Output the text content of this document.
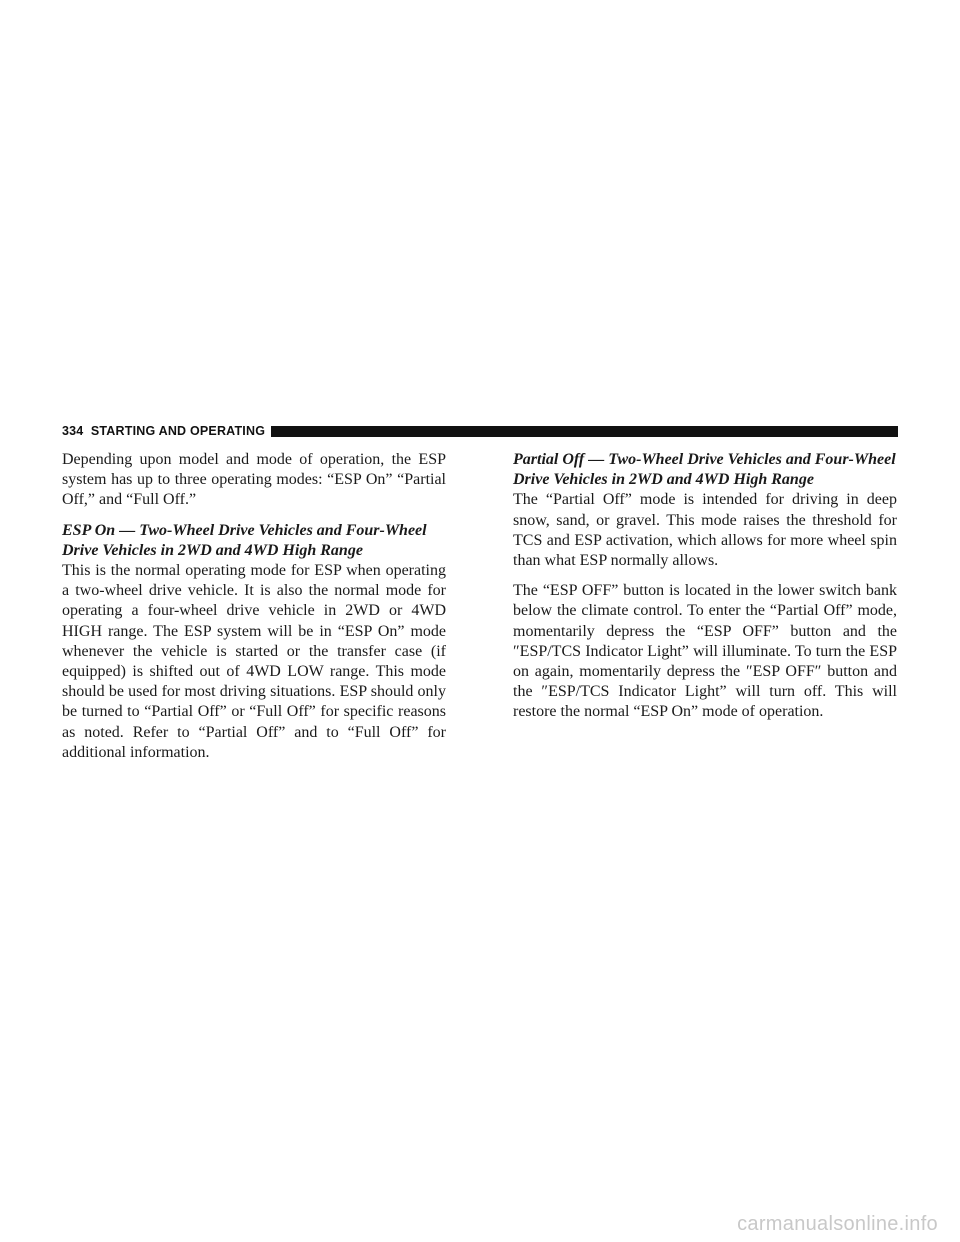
334 STARTING AND OPERATING

Depending upon model and mode of operation, the ESP system has up to three operating modes: “ESP On” “Partial Off,” and “Full Off.”

ESP On — Two-Wheel Drive Vehicles and Four-Wheel Drive Vehicles in 2WD and 4WD High Range

This is the normal operating mode for ESP when operating a two-wheel drive vehicle. It is also the normal mode for operating a four-wheel drive vehicle in 2WD or 4WD HIGH range. The ESP system will be in “ESP On” mode whenever the vehicle is started or the transfer case (if equipped) is shifted out of 4WD LOW range. This mode should be used for most driving situations. ESP should only be turned to “Partial Off” or “Full Off” for specific reasons as noted. Refer to “Partial Off” and to “Full Off” for additional information.

Partial Off — Two-Wheel Drive Vehicles and Four-Wheel Drive Vehicles in 2WD and 4WD High Range

The “Partial Off” mode is intended for driving in deep snow, sand, or gravel. This mode raises the threshold for TCS and ESP activation, which allows for more wheel spin than what ESP normally allows.

The “ESP OFF” button is located in the lower switch bank below the climate control. To enter the “Partial Off” mode, momentarily depress the “ESP OFF” button and the ″ESP/TCS Indicator Light” will illuminate. To turn the ESP on again, momentarily depress the ″ESP OFF″ button and the ″ESP/TCS Indicator Light” will turn off. This will restore the normal “ESP On” mode of operation.

carmanualsonline.info
